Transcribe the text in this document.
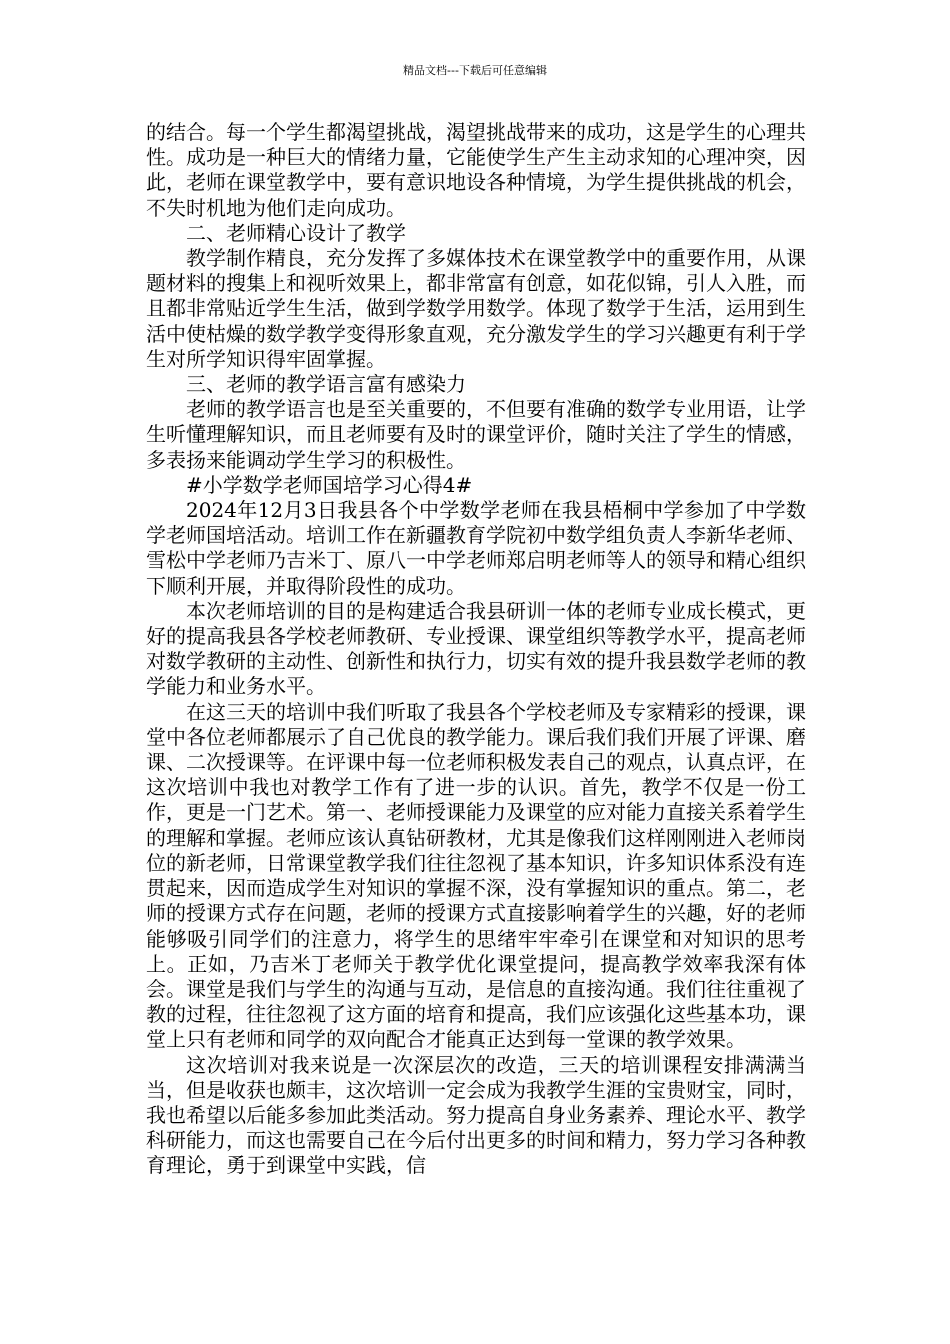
精品文档---下载后可任意编辑

的结合。每一个学生都渴望挑战，渴望挑战带来的成功，这是学生的心理共性。成功是一种巨大的情绪力量，它能使学生产生主动求知的心理冲突，因此，老师在课堂教学中，要有意识地设各种情境，为学生提供挑战的机会，不失时机地为他们走向成功。

二、老师精心设计了教学

教学制作精良，充分发挥了多媒体技术在课堂教学中的重要作用，从课题材料的搜集上和视听效果上，都非常富有创意，如花似锦，引人入胜，而且都非常贴近学生生活，做到学数学用数学。体现了数学于生活，运用到生活中使枯燥的数学教学变得形象直观，充分激发学生的学习兴趣更有利于学生对所学知识得牢固掌握。

三、老师的教学语言富有感染力

老师的教学语言也是至关重要的，不但要有准确的数学专业用语，让学生听懂理解知识，而且老师要有及时的课堂评价，随时关注了学生的情感，多表扬来能调动学生学习的积极性。

#小学数学老师国培学习心得4#

2024年12月3日我县各个中学数学老师在我县梧桐中学参加了中学数学老师国培活动。培训工作在新疆教育学院初中数学组负责人李新华老师、雪松中学老师乃吉米丁、原八一中学老师郑启明老师等人的领导和精心组织下顺利开展，并取得阶段性的成功。

本次老师培训的目的是构建适合我县研训一体的老师专业成长模式，更好的提高我县各学校老师教研、专业授课、课堂组织等教学水平，提高老师对数学教研的主动性、创新性和执行力，切实有效的提升我县数学老师的教学能力和业务水平。

在这三天的培训中我们听取了我县各个学校老师及专家精彩的授课，课堂中各位老师都展示了自己优良的教学能力。课后我们我们开展了评课、磨课、二次授课等。在评课中每一位老师积极发表自己的观点，认真点评，在这次培训中我也对教学工作有了进一步的认识。首先，教学不仅是一份工作，更是一门艺术。第一、老师授课能力及课堂的应对能力直接关系着学生的理解和掌握。老师应该认真钻研教材，尤其是像我们这样刚刚进入老师岗位的新老师，日常课堂教学我们往往忽视了基本知识，许多知识体系没有连贯起来，因而造成学生对知识的掌握不深，没有掌握知识的重点。第二，老师的授课方式存在问题，老师的授课方式直接影响着学生的兴趣，好的老师能够吸引同学们的注意力，将学生的思绪牢牢牵引在课堂和对知识的思考上。正如，乃吉米丁老师关于教学优化课堂提问，提高教学效率我深有体会。课堂是我们与学生的沟通与互动，是信息的直接沟通。我们往往重视了教的过程，往往忽视了这方面的培育和提高，我们应该强化这些基本功，课堂上只有老师和同学的双向配合才能真正达到每一堂课的教学效果。

这次培训对我来说是一次深层次的改造，三天的培训课程安排满满当当，但是收获也颇丰，这次培训一定会成为我教学生涯的宝贵财宝，同时，我也希望以后能多参加此类活动。努力提高自身业务素养、理论水平、教学科研能力，而这也需要自己在今后付出更多的时间和精力，努力学习各种教育理论，勇于到课堂中实践，信
